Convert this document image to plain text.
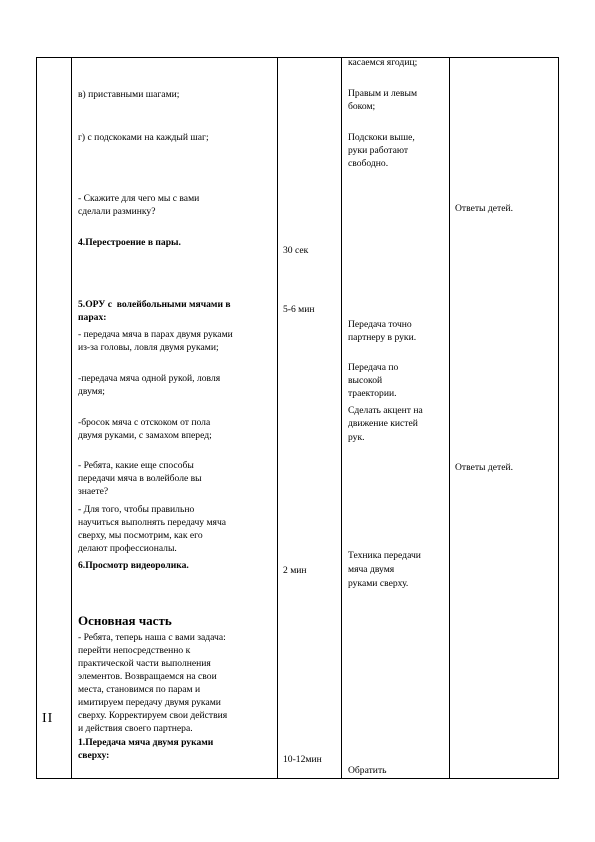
II
в) приставными шагами;
г) с подскоками на каждый шаг;
- Скажите для чего мы с вами
сделали разминку?
4.Перестроение в пары.
5.ОРУ с  волейбольными мячами в
парах:
- передача мяча в парах двумя руками
из-за головы, ловля двумя руками;
-передача мяча одной рукой, ловля
двумя;
-бросок мяча с отскоком от пола
двумя руками, с замахом вперед;
- Ребята, какие еще способы
передачи мяча в волейболе вы
знаете?
- Для того, чтобы правильно
научиться выполнять передачу мяча
сверху, мы посмотрим, как его
делают профессионалы.
6.Просмотр видеоролика.
Основная часть
- Ребята, теперь наша с вами задача:
перейти непосредственно к
практической части выполнения
элементов. Возвращаемся на свои
места, становимся по парам и
имитируем передачу двумя руками
сверху. Корректируем свои действия
и действия своего партнера.
1.Передача мяча двумя руками
сверху:
30 сек
5-6 мин
2 мин
10-12мин
касаемся ягодиц;
Правым и левым
боком;
Подскоки выше,
руки работают
свободно.
Передача точно
партнеру в руки.
Передача по
высокой
траектории.
Сделать акцент на
движение кистей
рук.
Техника передачи
мяча двумя
руками сверху.
Обратить
Ответы детей.
Ответы детей.
